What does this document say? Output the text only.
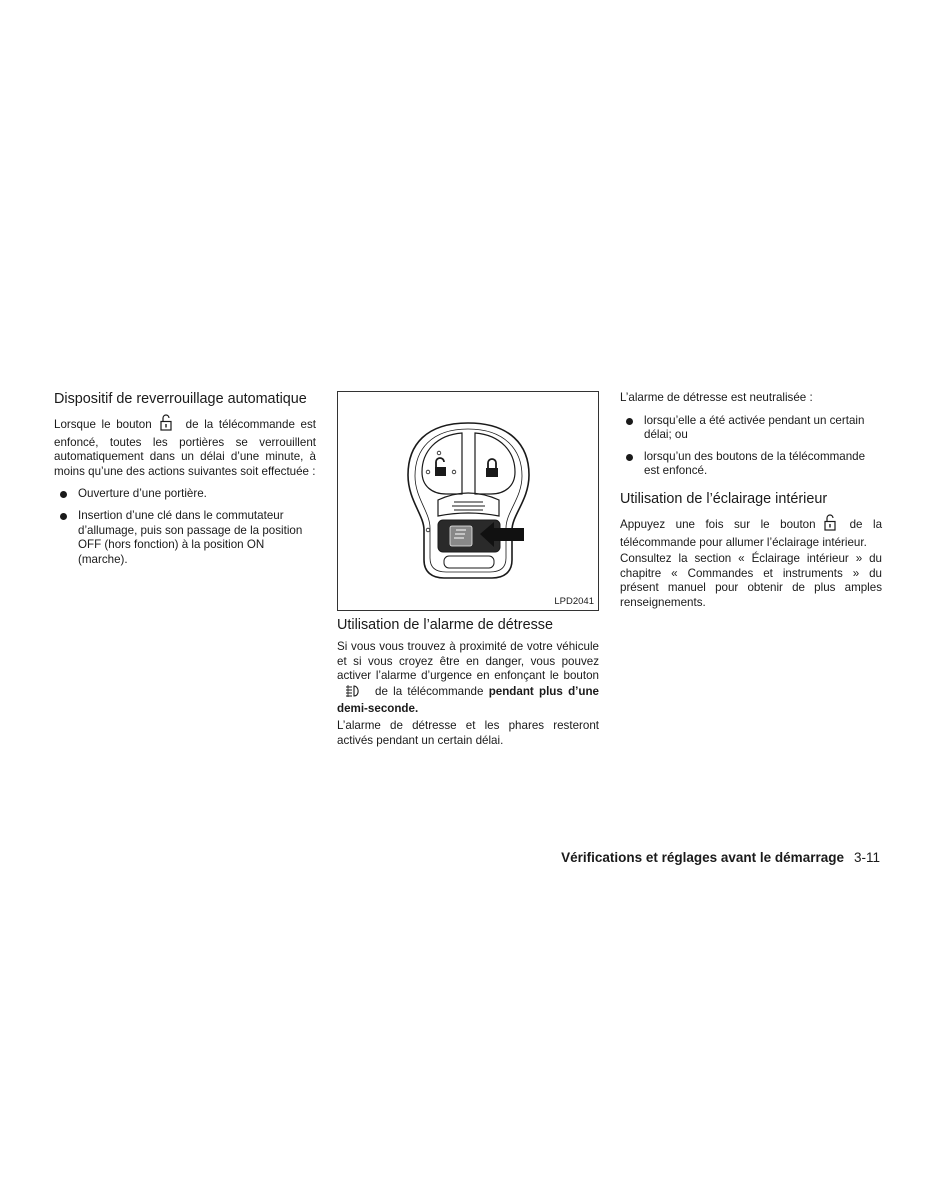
Dispositif de reverrouillage automatique

Lorsque le bouton	de la télécommande est enfoncé, toutes les portières se verrouillent automatiquement dans un délai d’une minute, à moins qu’une des actions suivantes soit effectuée :

Ouverture d’une portière.
Insertion d’une clé dans le commutateur d’allumage, puis son passage de la position OFF (hors fonction) à la position ON (marche).
LPD2041
Utilisation de l’alarme de détresse

Si vous vous trouvez à proximité de votre véhicule et si vous croyez être en danger, vous pouvez activer l’alarme d’urgence en enfonçant le boutonde la télécommande pendant plus d’une demi-seconde.

L’alarme de détresse et les phares resteront activés pendant un certain délai.

L’alarme de détresse est neutralisée :

lorsqu’elle a été activée pendant un certain délai; ou
lorsqu’un des boutons de la télécommande est enfoncé.
Utilisation de l’éclairage intérieur

Appuyez une fois sur le bouton	de la télécommande pour allumer l’éclairage intérieur.

Consultez la section « Éclairage intérieur » du chapitre « Commandes et instruments » du présent manuel pour obtenir de plus amples renseignements.

Vérifications et réglages avant le démarrage 3-11
